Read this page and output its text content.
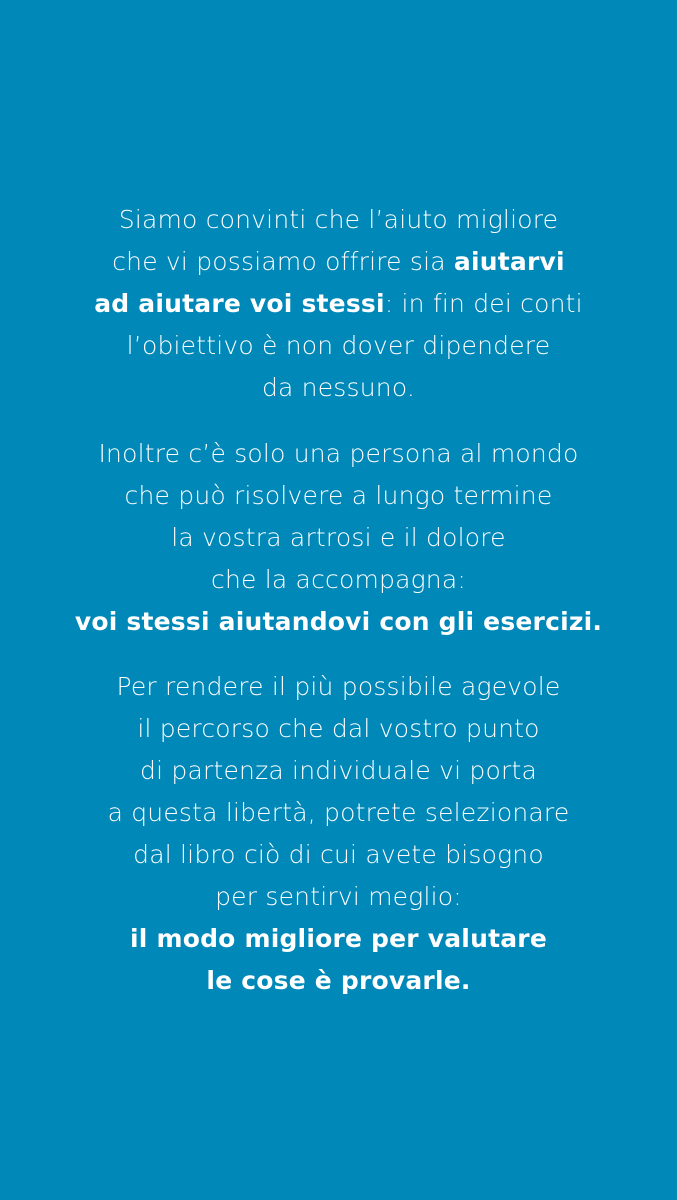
Siamo convinti che l’aiuto migliore
che vi possiamo offrire sia aiutarvi
ad aiutare voi stessi: in fin dei conti
l’obiettivo è non dover dipendere
da nessuno.
Inoltre c’è solo una persona al mondo
che può risolvere a lungo termine
la vostra artrosi e il dolore
che la accompagna:
voi stessi aiutandovi con gli esercizi.
Per rendere il più possibile agevole
il percorso che dal vostro punto
di partenza individuale vi porta
a questa libertà, potrete selezionare
dal libro ciò di cui avete bisogno
per sentirvi meglio:
il modo migliore per valutare
le cose è provarle.
